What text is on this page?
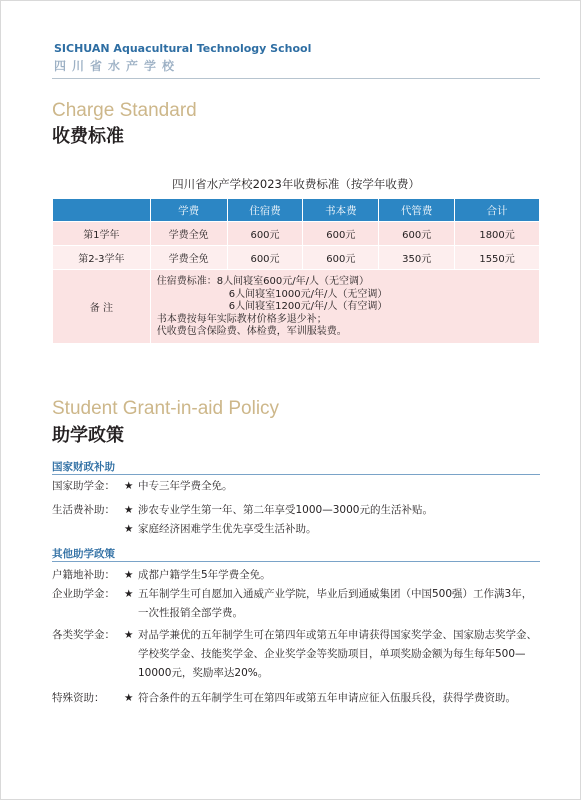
SICHUAN Aquacultural Technology School
四川省水产学校
Charge Standard
收费标准
四川省水产学校2023年收费标准（按学年收费）
	学费	住宿费	书本费	代管费	合计
第1学年	学费全免	600元	600元	600元	1800元
第2-3学年	学费全免	600元	600元	350元	1550元
备 注	住宿费标准：8人间寝室600元/年/人（无空调）
6人间寝室1000元/年/人（无空调）
6人间寝室1200元/年/人（有空调）
书本费按每年实际教材价格多退少补；
代收费包含保险费、体检费，军训服装费。				
Student Grant-in-aid Policy
助学政策
国家财政补助
国家助学金： ★ 中专三年学费全免。
生活费补助： ★ 涉农专业学生第一年、第二年享受1000—3000元的生活补贴。
★ 家庭经济困难学生优先享受生活补助。
其他助学政策
户籍地补助： ★ 成都户籍学生5年学费全免。
企业助学金： ★ 五年制学生可自愿加入通威产业学院，毕业后到通威集团（中国500强）工作满3年，一次性报销全部学费。
各类奖学金： ★ 对品学兼优的五年制学生可在第四年或第五年申请获得国家奖学金、国家励志奖学金、学校奖学金、技能奖学金、企业奖学金等奖励项目，单项奖励金额为每生每年500—10000元，奖励率达20%。
特殊资助： ★ 符合条件的五年制学生可在第四年或第五年申请应征入伍服兵役，获得学费资助。
